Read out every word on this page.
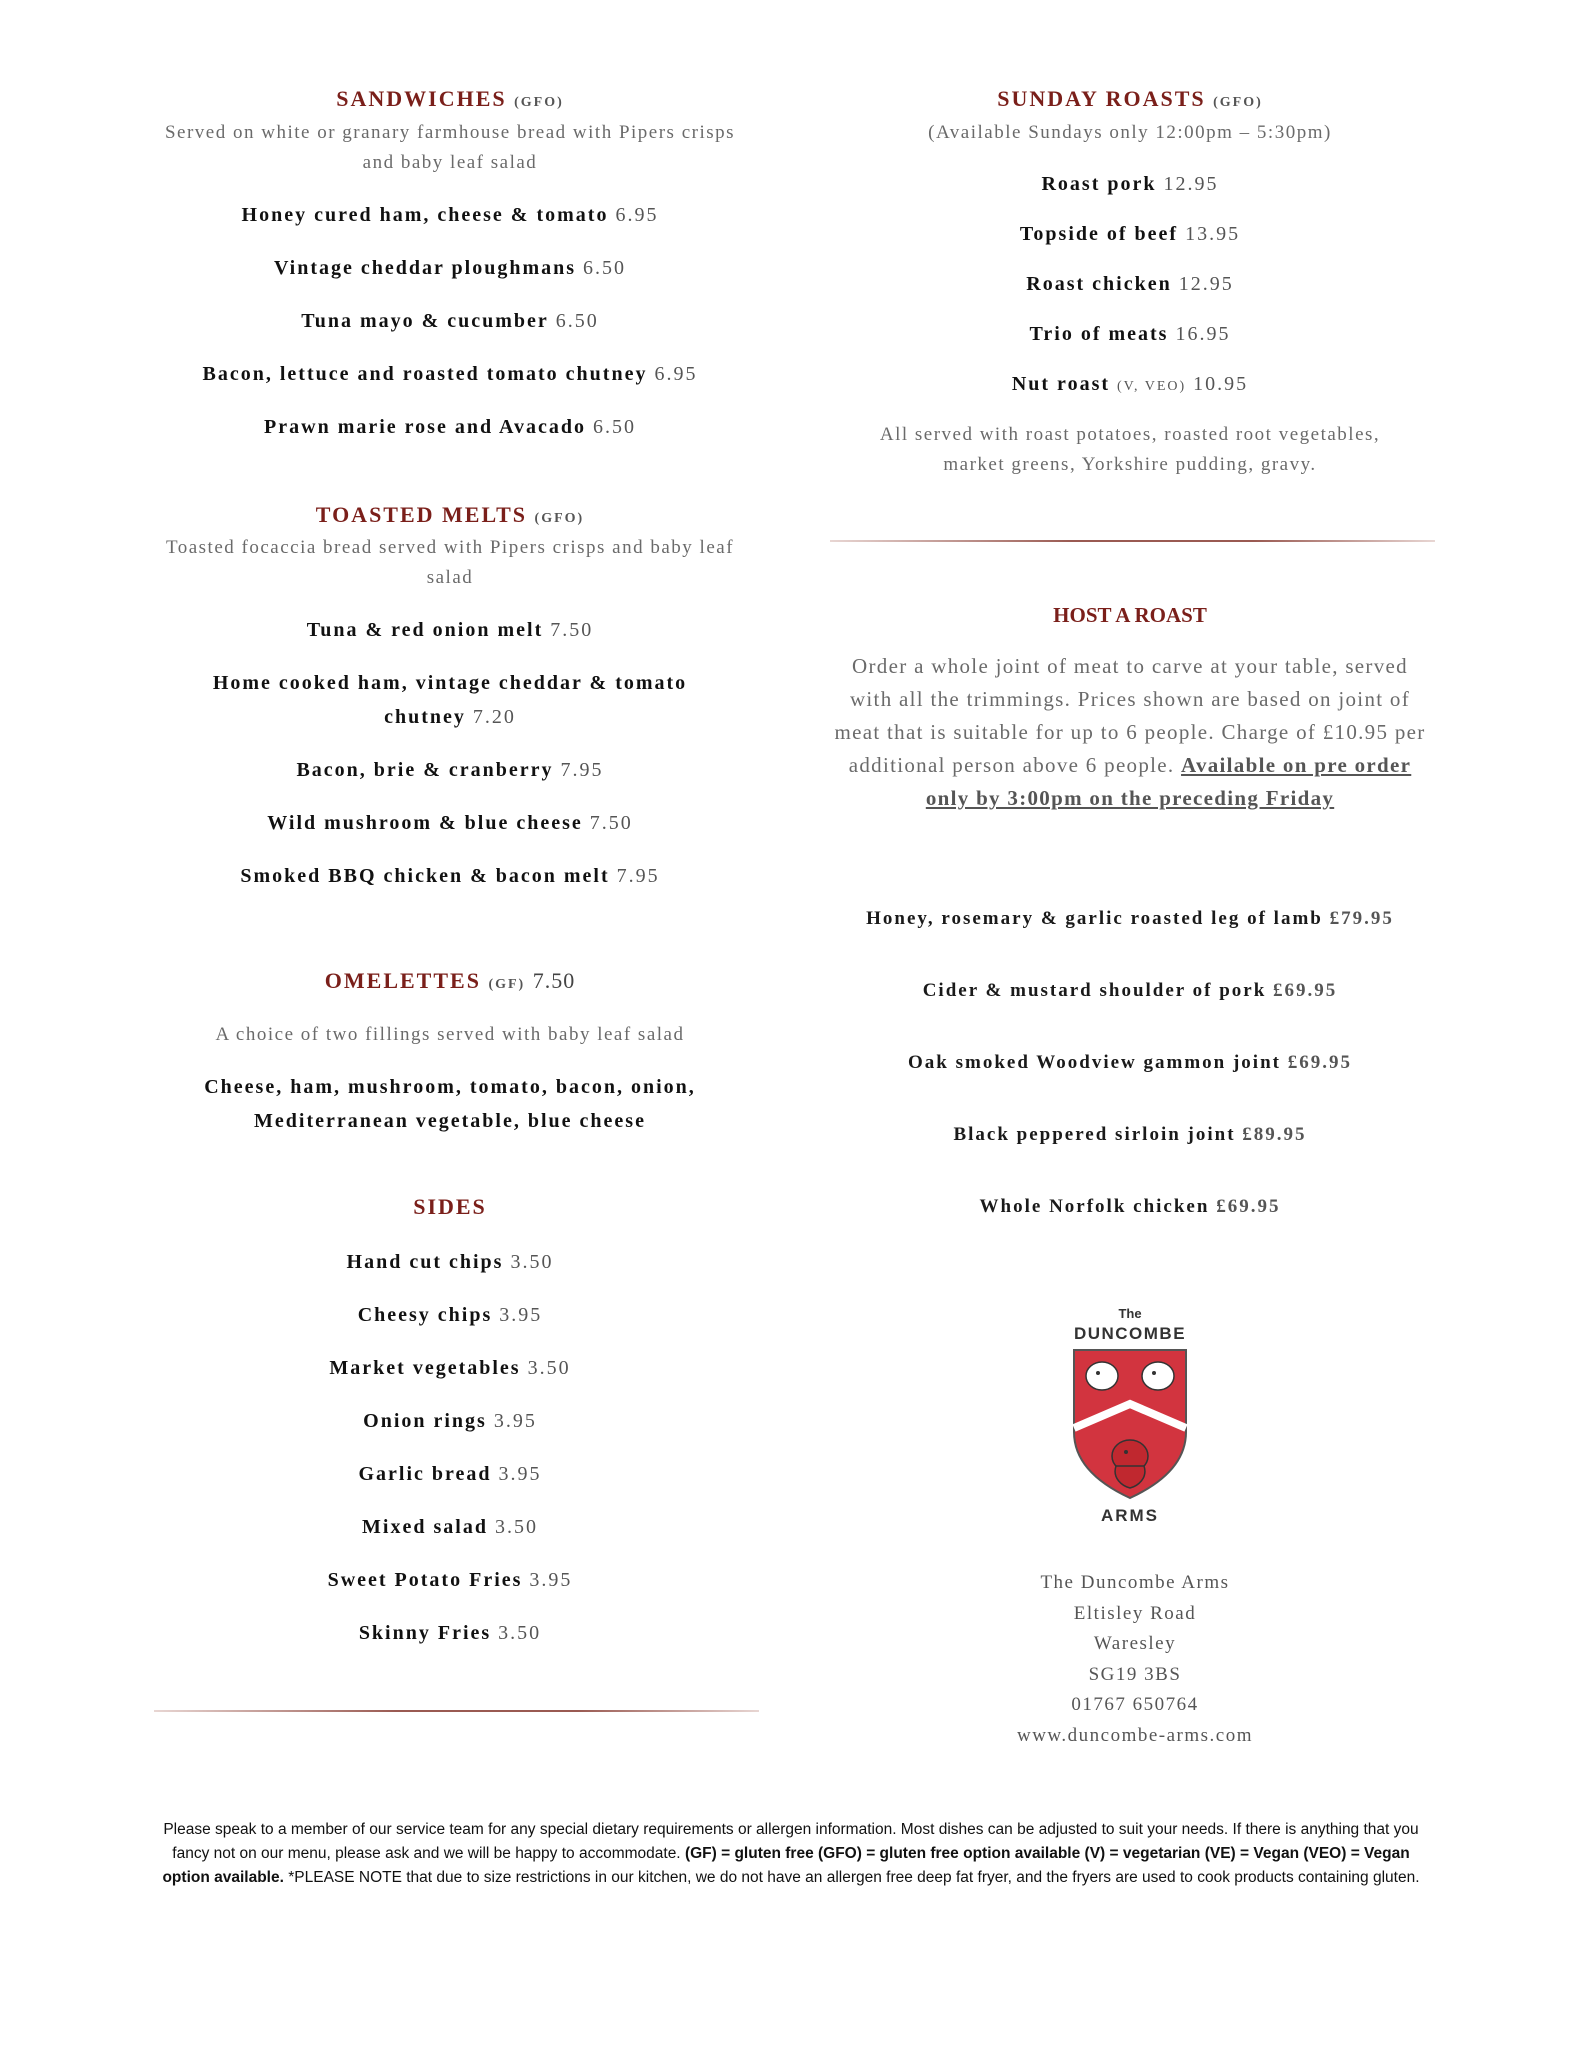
SANDWICHES (GFO)
Served on white or granary farmhouse bread with Pipers crisps and baby leaf salad
Honey cured ham, cheese & tomato 6.95
Vintage cheddar ploughmans 6.50
Tuna mayo & cucumber 6.50
Bacon, lettuce and roasted tomato chutney 6.95
Prawn marie rose and Avacado 6.50
TOASTED MELTS (GFO)
Toasted focaccia bread served with Pipers crisps and baby leaf salad
Tuna & red onion melt 7.50
Home cooked ham, vintage cheddar & tomato chutney 7.20
Bacon, brie & cranberry 7.95
Wild mushroom & blue cheese 7.50
Smoked BBQ chicken & bacon melt 7.95
OMELETTES (GF) 7.50
A choice of two fillings served with baby leaf salad
Cheese, ham, mushroom, tomato, bacon, onion, Mediterranean vegetable, blue cheese
SIDES
Hand cut chips 3.50
Cheesy chips 3.95
Market vegetables 3.50
Onion rings 3.95
Garlic bread 3.95
Mixed salad 3.50
Sweet Potato Fries 3.95
Skinny Fries 3.50
SUNDAY ROASTS (GFO)
(Available Sundays only 12:00pm – 5:30pm)
Roast pork 12.95
Topside of beef 13.95
Roast chicken 12.95
Trio of meats 16.95
Nut roast (V, VEO) 10.95
All served with roast potatoes, roasted root vegetables, market greens, Yorkshire pudding, gravy.
HOST A ROAST
Order a whole joint of meat to carve at your table, served with all the trimmings. Prices shown are based on joint of meat that is suitable for up to 6 people. Charge of £10.95 per additional person above 6 people. Available on pre order only by 3:00pm on the preceding Friday
Honey, rosemary & garlic roasted leg of lamb £79.95
Cider & mustard shoulder of pork £69.95
Oak smoked Woodview gammon joint £69.95
Black peppered sirloin joint £89.95
Whole Norfolk chicken £69.95
The Duncombe Arms
Eltisley Road
Waresley
SG19 3BS
01767 650764
www.duncombe-arms.com
The
DUNCOMBE
ARMS
Please speak to a member of our service team for any special dietary requirements or allergen information. Most dishes can be adjusted to suit your needs. If there is anything that you fancy not on our menu, please ask and we will be happy to accommodate. (GF) = gluten free (GFO) = gluten free option available (V) = vegetarian (VE) = Vegan (VEO) = Vegan option available. *PLEASE NOTE that due to size restrictions in our kitchen, we do not have an allergen free deep fat fryer, and the fryers are used to cook products containing gluten.
